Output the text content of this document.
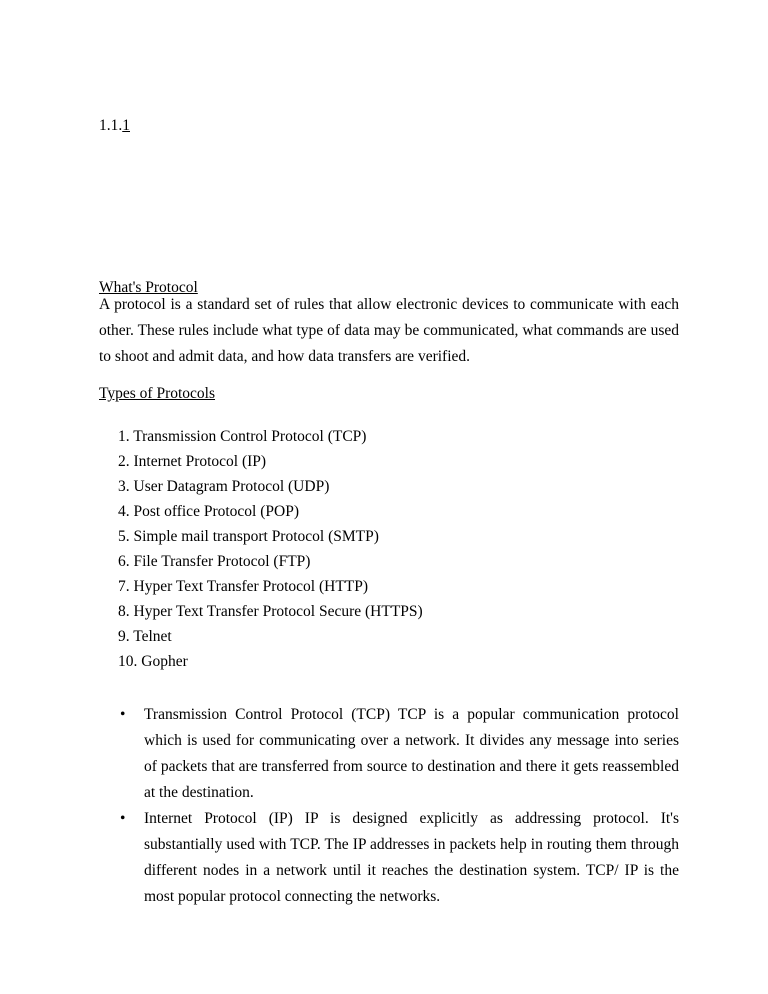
1.1.1

What's Protocol

A protocol is a standard set of rules that allow electronic devices to communicate with each other. These rules include what type of data may be communicated, what commands are used to shoot and admit data, and how data transfers are verified.

Types of Protocols

1. Transmission Control Protocol (TCP)
2. Internet Protocol (IP)
3. User Datagram Protocol (UDP)
4. Post office Protocol (POP)
5. Simple mail transport Protocol (SMTP)
6. File Transfer Protocol (FTP)
7. Hyper Text Transfer Protocol (HTTP)
8. Hyper Text Transfer Protocol Secure (HTTPS)
9. Telnet
10. Gopher
• Transmission Control Protocol (TCP) TCP is a popular communication protocol which is used for communicating over a network. It divides any message into series of packets that are transferred from source to destination and there it gets reassembled at the destination.
• Internet Protocol (IP) IP is designed explicitly as addressing protocol. It's substantially used with TCP. The IP addresses in packets help in routing them through different nodes in a network until it reaches the destination system. TCP/ IP is the most popular protocol connecting the networks.
